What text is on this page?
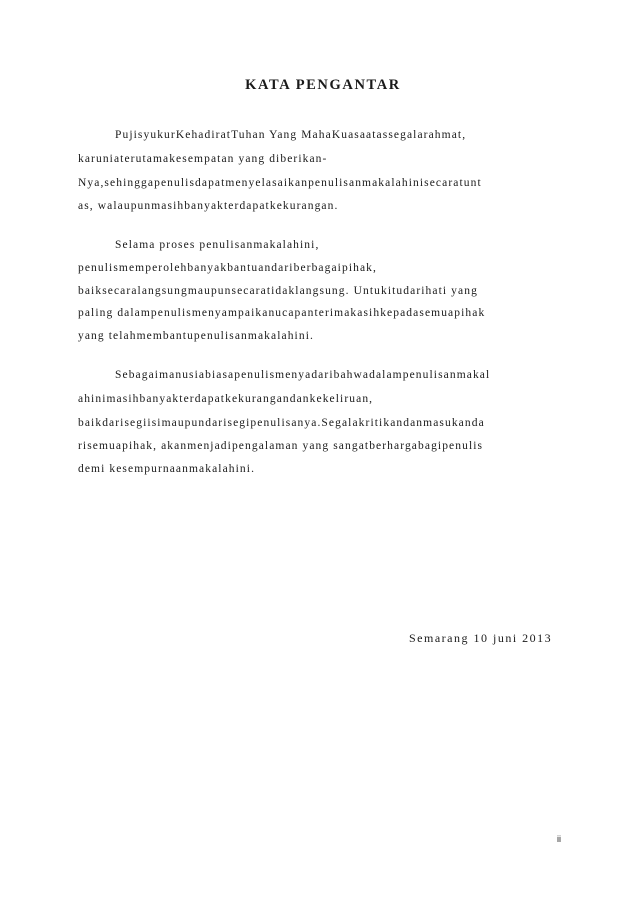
KATA PENGANTAR

PujisyukurKehadiratTuhan Yang MahaKuasaatassegalarahmat,

karuniaterutamakesempatan yang diberikan-

Nya,sehinggapenulisdapatmenyelasaikanpenulisanmakalahinisecaratunt

as, walaupunmasihbanyakterdapatkekurangan.

Selama proses penulisanmakalahini,

penulismemperolehbanyakbantuandariberbagaipihak,

baiksecaralangsungmaupunsecaratidaklangsung. Untukitudarihati yang

paling dalampenulismenyampaikanucapanterimakasihkepadasemuapihak

yang telahmembantupenulisanmakalahini.

Sebagaimanusiabiasapenulismenyadaribahwadalampenulisanmakal

ahinimasihbanyakterdapatkekurangandankekeliruan,

baikdarisegiisimaupundarisegipenulisanya.Segalakritikandanmasukanda

risemuapihak, akanmenjadipengalaman yang sangatberhargabagipenulis

demi kesempurnaanmakalahini.

Semarang 10 juni 2013

ii
